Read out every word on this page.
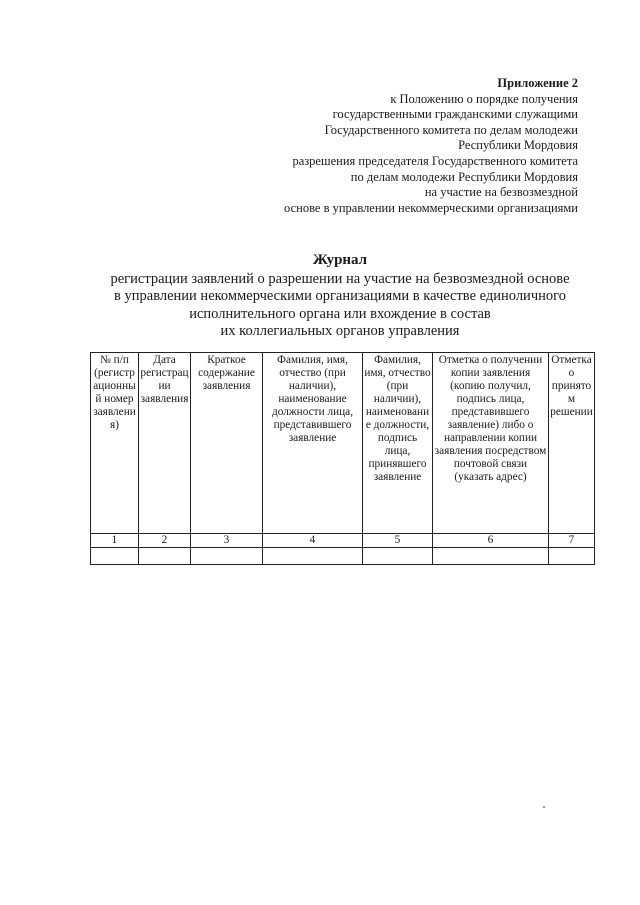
Приложение 2
к Положению о порядке получения
государственными гражданскими служащими
Государственного комитета по делам молодежи
Республики Мордовия
разрешения председателя Государственного комитета
по делам молодежи Республики Мордовия
на участие на безвозмездной
основе в управлении некоммерческими организациями
Журнал
регистрации заявлений о разрешении на участие на безвозмездной основе
в управлении некоммерческими организациями в качестве единоличного
исполнительного органа или вхождение в состав
их коллегиальных органов управления
№ п/п (регистрационный номер заявления)	Дата регистрации заявления	Краткое содержание заявления	Фамилия, имя, отчество (при наличии), наименование должности лица, представившего заявление	Фамилия, имя, отчество (при наличии), наименование должности, подпись лица, принявшего заявление	Отметка о получении копии заявления (копию получил, подпись лица, представившего заявление) либо о направлении копии заявления посредством почтовой связи (указать адрес)	Отметка о принятом решении
1	2	3	4	5	6	7
